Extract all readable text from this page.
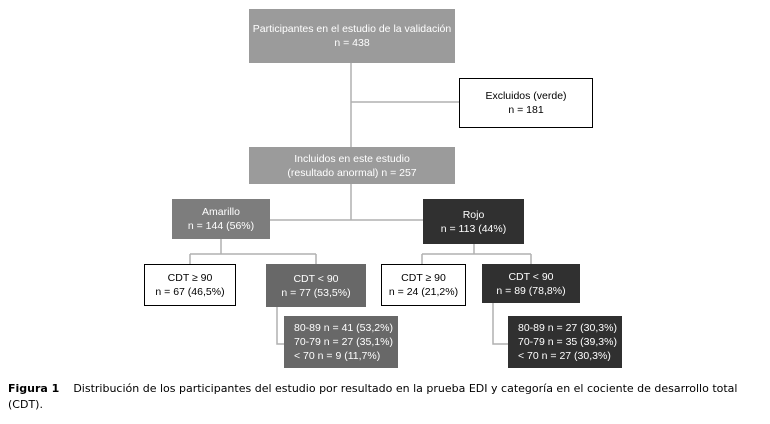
Participantes en el estudio de la validación
n = 438
Excluidos (verde)
n = 181
Incluidos en este estudio
(resultado anormal) n = 257
Amarillo
n = 144 (56%)
Rojo
n = 113 (44%)
CDT ≥ 90
n = 67 (46,5%)
CDT < 90
n = 77 (53,5%)
CDT ≥ 90
n = 24 (21,2%)
CDT < 90
n = 89 (78,8%)
80-89 n = 41 (53,2%)
70-79 n = 27 (35,1%)
< 70 n = 9 (11,7%)
80-89 n = 27 (30,3%)
70-79 n = 35 (39,3%)
< 70 n = 27 (30,3%)
Figura 1 Distribución de los participantes del estudio por resultado en la prueba EDI y categoría en el cociente de desarrollo total (CDT).
